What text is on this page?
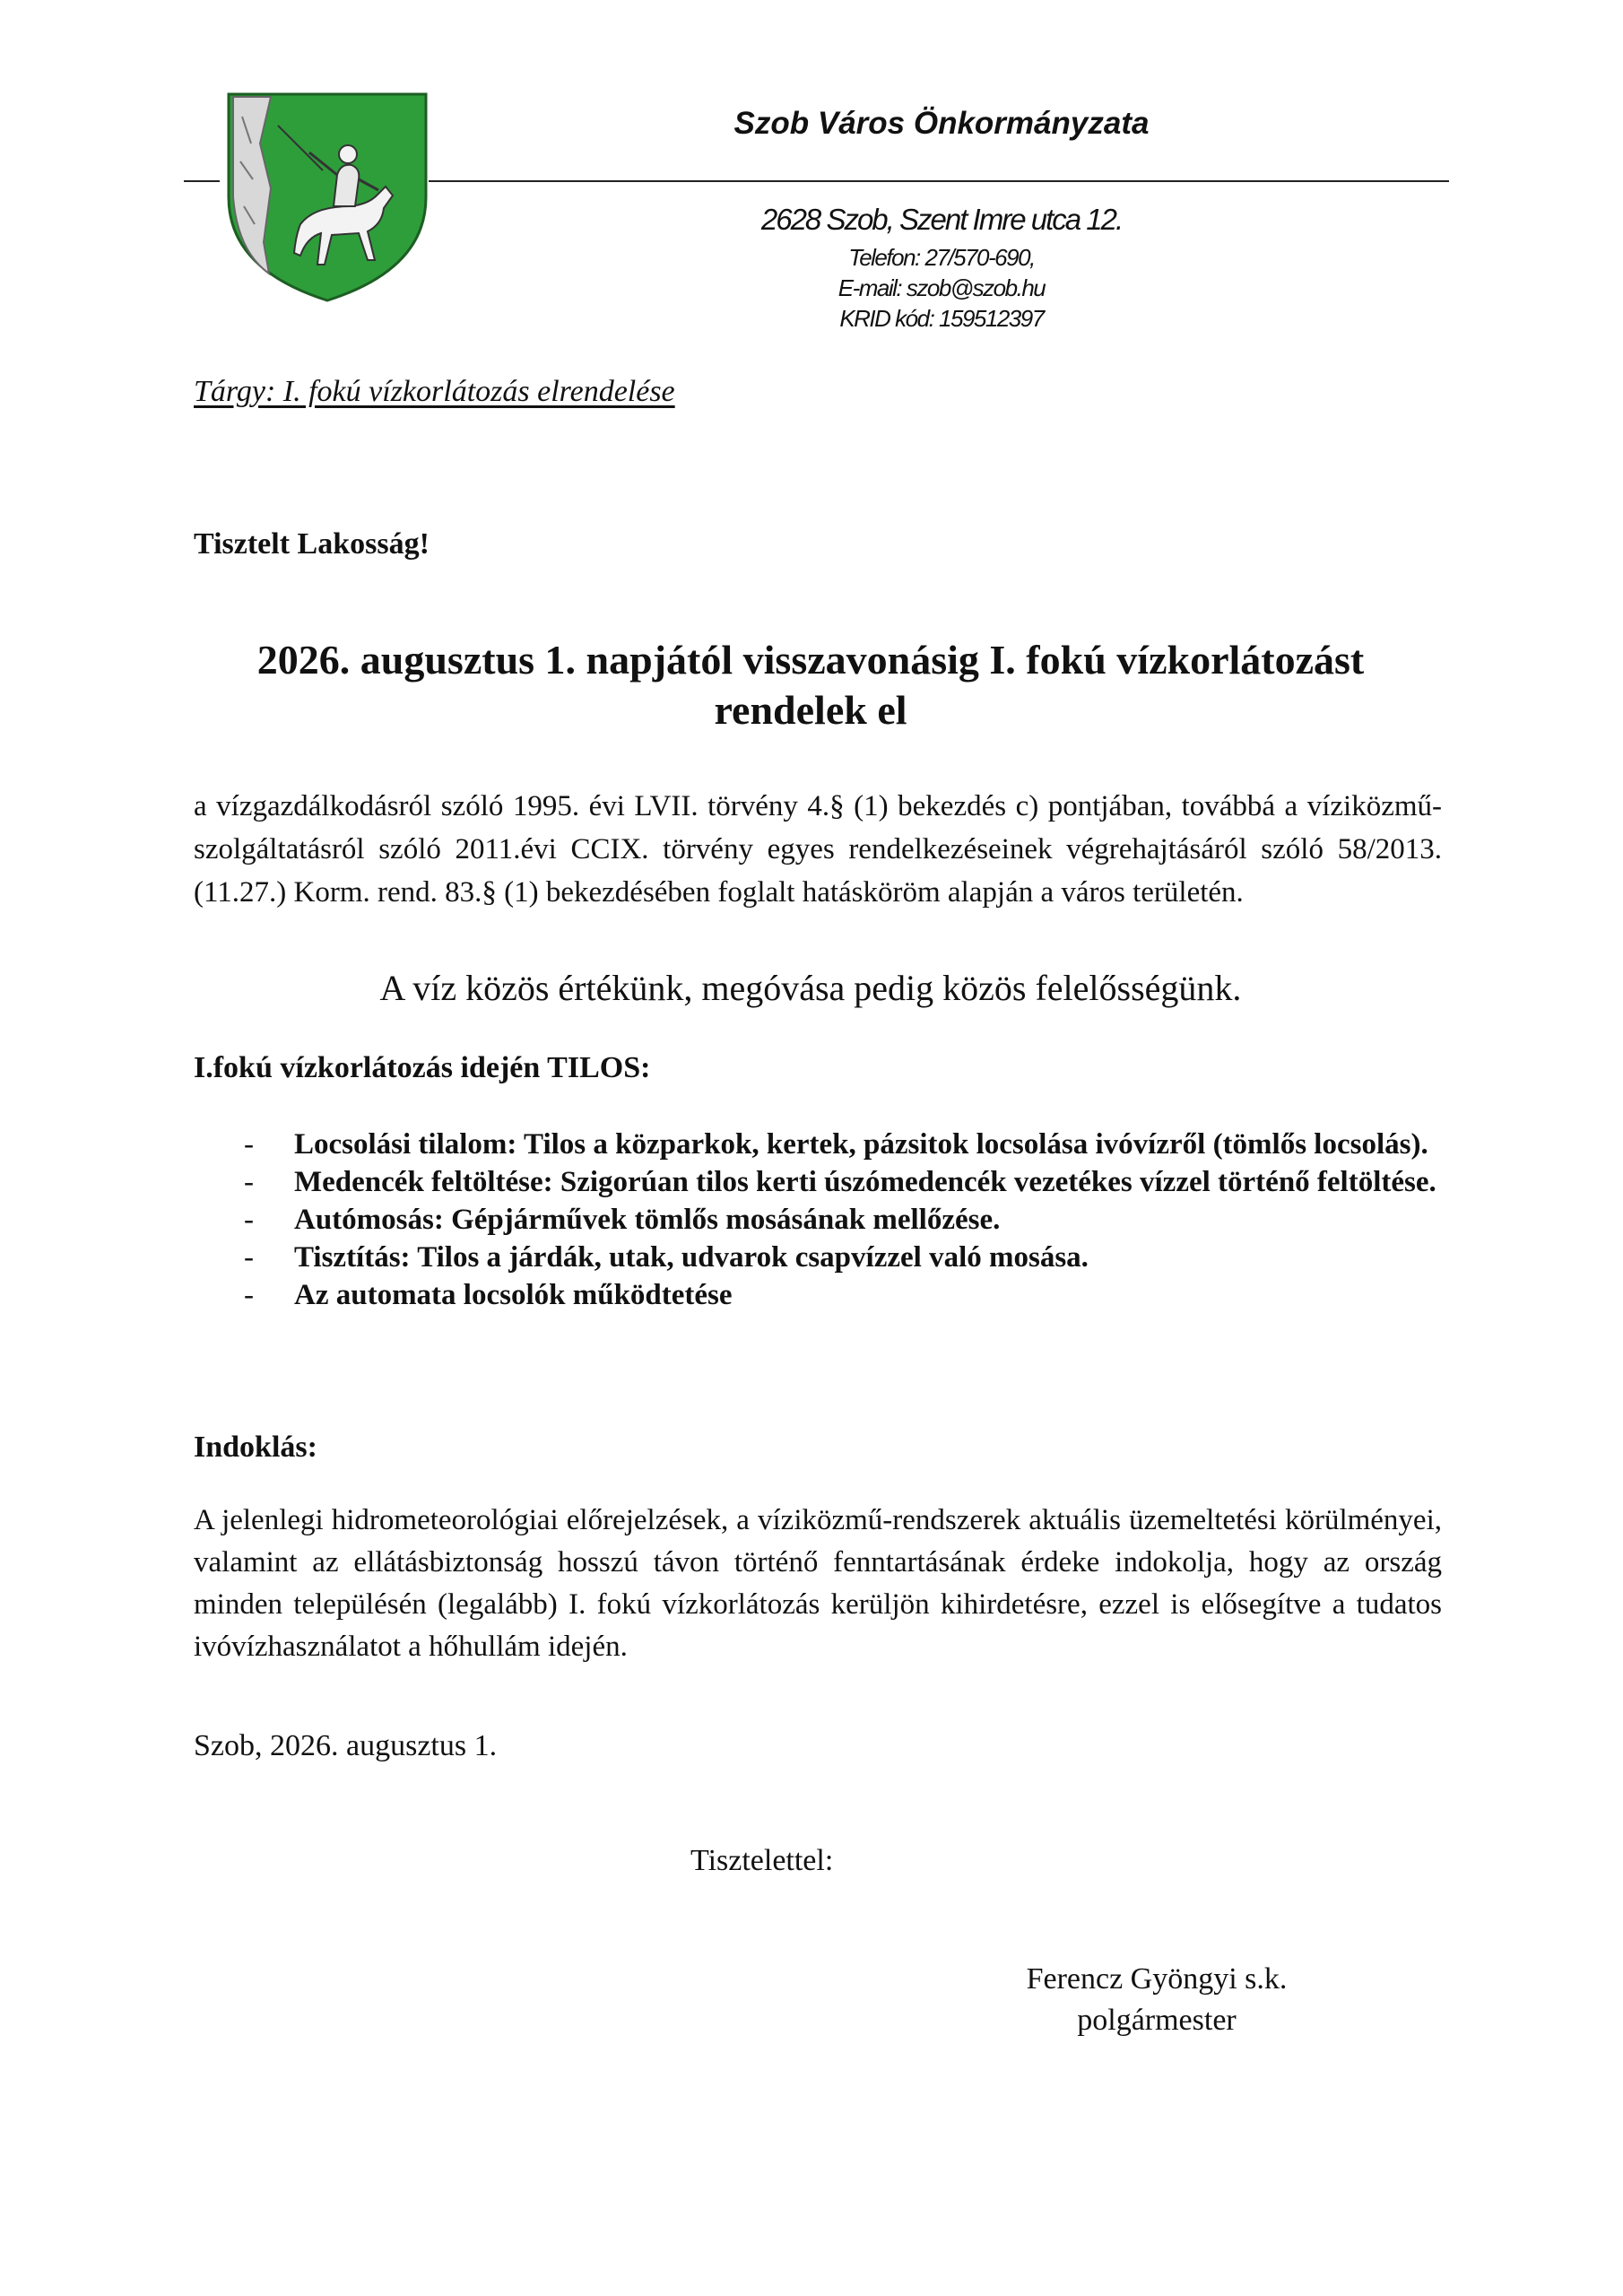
Szob Város Önkormányzata
2628 Szob, Szent Imre utca 12.
Telefon: 27/570-690,
E-mail: szob@szob.hu
KRID kód: 159512397
Tárgy: I. fokú vízkorlátozás elrendelése
Tisztelt Lakosság!
2026. augusztus 1. napjától visszavonásig I. fokú vízkorlátozást
rendelek el
a vízgazdálkodásról szóló 1995. évi LVII. törvény 4.§ (1) bekezdés c) pontjában, továbbá a víziközmű-szolgáltatásról szóló 2011.évi CCIX. törvény egyes rendelkezéseinek végrehajtásáról szóló 58/2013. (11.27.) Korm. rend. 83.§ (1) bekezdésében foglalt hatásköröm alapján a város területén.
A víz közös értékünk, megóvása pedig közös felelősségünk.
I.fokú vízkorlátozás idején TILOS:
- Locsolási tilalom: Tilos a közparkok, kertek, pázsitok locsolása ivóvízről (tömlős locsolás).
- Medencék feltöltése: Szigorúan tilos kerti úszómedencék vezetékes vízzel történő feltöltése.
- Autómosás: Gépjárművek tömlős mosásának mellőzése.
- Tisztítás: Tilos a járdák, utak, udvarok csapvízzel való mosása.
- Az automata locsolók működtetése
Indoklás:
A jelenlegi hidrometeorológiai előrejelzések, a víziközmű-rendszerek aktuális üzemeltetési körülményei, valamint az ellátásbiztonság hosszú távon történő fenntartásának érdeke indokolja, hogy az ország minden településén (legalább) I. fokú vízkorlátozás kerüljön kihirdetésre, ezzel is elősegítve a tudatos ivóvízhasználatot a hőhullám idején.
Szob, 2026. augusztus 1.
Tisztelettel:
Ferencz Gyöngyi s.k.
polgármester
